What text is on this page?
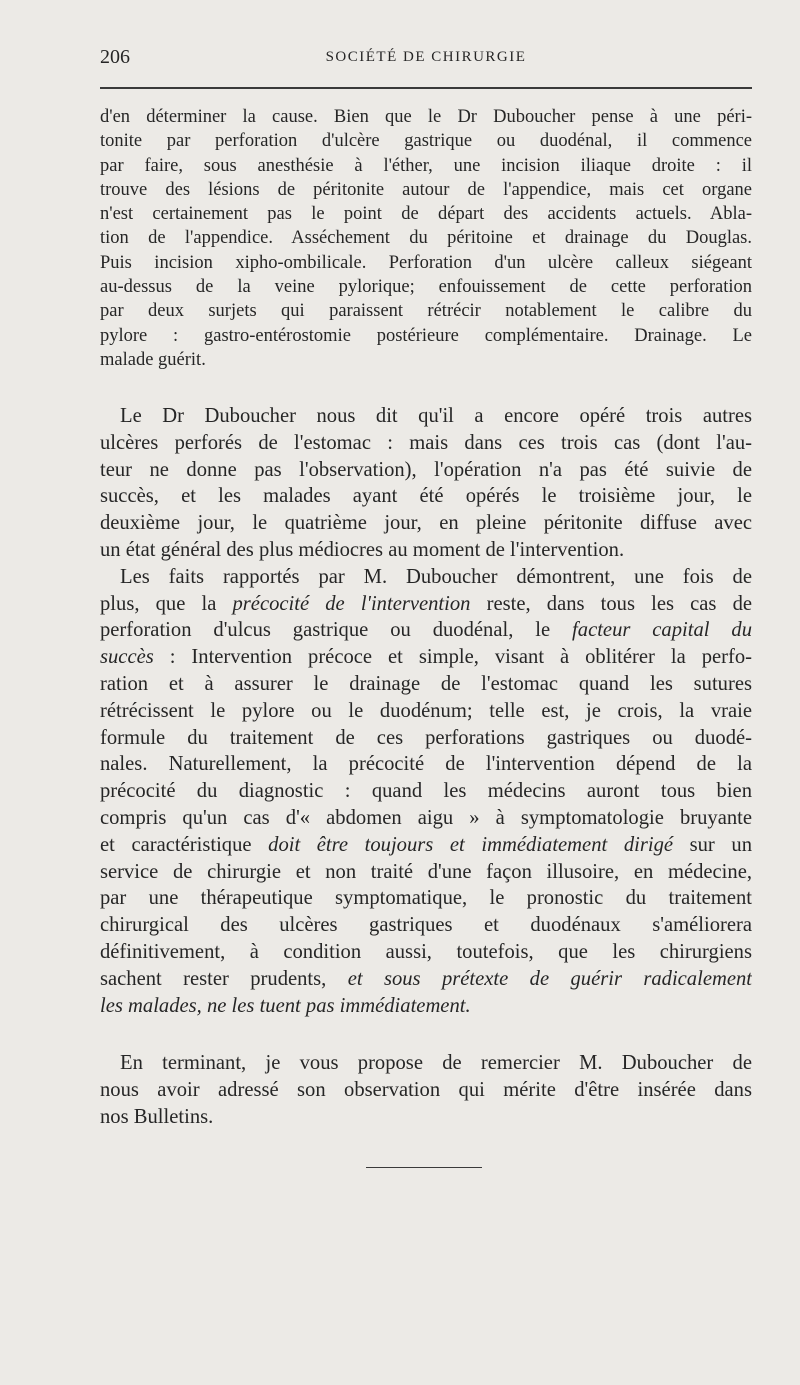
206	SOCIÉTÉ DE CHIRURGIE
d'en déterminer la cause. Bien que le Dr Duboucher pense à une péri-
tonite par perforation d'ulcère gastrique ou duodénal, il commence
par faire, sous anesthésie à l'éther, une incision iliaque droite : il
trouve des lésions de péritonite autour de l'appendice, mais cet organe
n'est certainement pas le point de départ des accidents actuels. Abla-
tion de l'appendice. Asséchement du péritoine et drainage du Douglas.
Puis incision xipho-ombilicale. Perforation d'un ulcère calleux siégeant
au-dessus de la veine pylorique; enfouissement de cette perforation
par deux surjets qui paraissent rétrécir notablement le calibre du
pylore : gastro-entérostomie postérieure complémentaire. Drainage. Le
malade guérit.
Le Dr Duboucher nous dit qu'il a encore opéré trois autres
ulcères perforés de l'estomac : mais dans ces trois cas (dont l'au-
teur ne donne pas l'observation), l'opération n'a pas été suivie de
succès, et les malades ayant été opérés le troisième jour, le
deuxième jour, le quatrième jour, en pleine péritonite diffuse avec
un état général des plus médiocres au moment de l'intervention.
Les faits rapportés par M. Duboucher démontrent, une fois de
plus, que la précocité de l'intervention reste, dans tous les cas de
perforation d'ulcus gastrique ou duodénal, le facteur capital du
succès : Intervention précoce et simple, visant à oblitérer la perfo-
ration et à assurer le drainage de l'estomac quand les sutures
rétrécissent le pylore ou le duodénum; telle est, je crois, la vraie
formule du traitement de ces perforations gastriques ou duodé-
nales. Naturellement, la précocité de l'intervention dépend de la
précocité du diagnostic : quand les médecins auront tous bien
compris qu'un cas d'« abdomen aigu » à symptomatologie bruyante
et caractéristique doit être toujours et immédiatement dirigé sur un
service de chirurgie et non traité d'une façon illusoire, en médecine,
par une thérapeutique symptomatique, le pronostic du traitement
chirurgical des ulcères gastriques et duodénaux s'améliorera
définitivement, à condition aussi, toutefois, que les chirurgiens
sachent rester prudents, et sous prétexte de guérir radicalement
les malades, ne les tuent pas immédiatement.
En terminant, je vous propose de remercier M. Duboucher de
nous avoir adressé son observation qui mérite d'être insérée dans
nos Bulletins.
